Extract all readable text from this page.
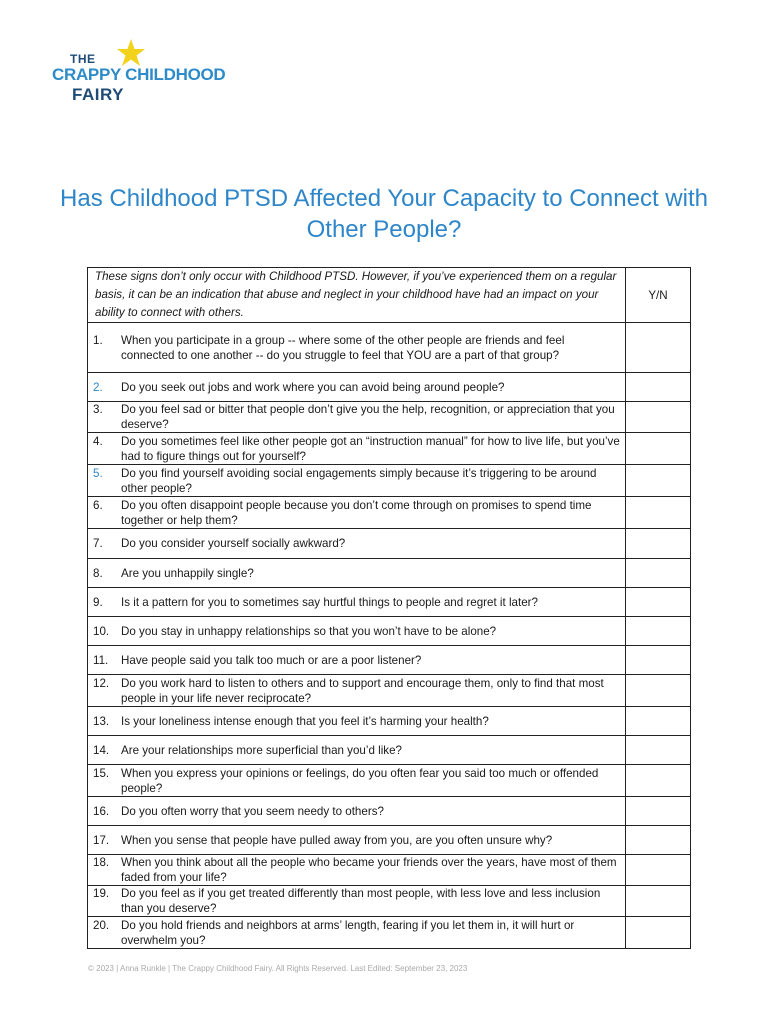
THE
CRAPPY CHILDHOOD
FAIRY
Has Childhood PTSD Affected Your Capacity to Connect with Other People?
These signs don’t only occur with Childhood PTSD. However, if you’ve experienced them on a regular basis, it can be an indication that abuse and neglect in your childhood have had an impact on your ability to connect with others.	Y/N

1. When you participate in a group -- where some of the other people are friends and feel connected to one another -- do you struggle to feel that YOU are a part of that group?	

2. Do you seek out jobs and work where you can avoid being around people?	

3. Do you feel sad or bitter that people don’t give you the help, recognition, or appreciation that you deserve?	

4. Do you sometimes feel like other people got an “instruction manual” for how to live life, but you’ve had to figure things out for yourself?	

5. Do you find yourself avoiding social engagements simply because it’s triggering to be around other people?	

6. Do you often disappoint people because you don’t come through on promises to spend time together or help them?	

7. Do you consider yourself socially awkward?	

8. Are you unhappily single?	

9. Is it a pattern for you to sometimes say hurtful things to people and regret it later?	

10. Do you stay in unhappy relationships so that you won’t have to be alone?	

11. Have people said you talk too much or are a poor listener?	

12. Do you work hard to listen to others and to support and encourage them, only to find that most people in your life never reciprocate?	

13. Is your loneliness intense enough that you feel it’s harming your health?	

14. Are your relationships more superficial than you’d like?	

15. When you express your opinions or feelings, do you often fear you said too much or offended people?	

16. Do you often worry that you seem needy to others?	

17. When you sense that people have pulled away from you, are you often unsure why?	

18. When you think about all the people who became your friends over the years, have most of them faded from your life?	

19. Do you feel as if you get treated differently than most people, with less love and less inclusion than you deserve?	

20. Do you hold friends and neighbors at arms’ length, fearing if you let them in, it will hurt or overwhelm you?	

© 2023 | Anna Runkle | The Crappy Childhood Fairy. All Rights Reserved. Last Edited: September 23, 2023
